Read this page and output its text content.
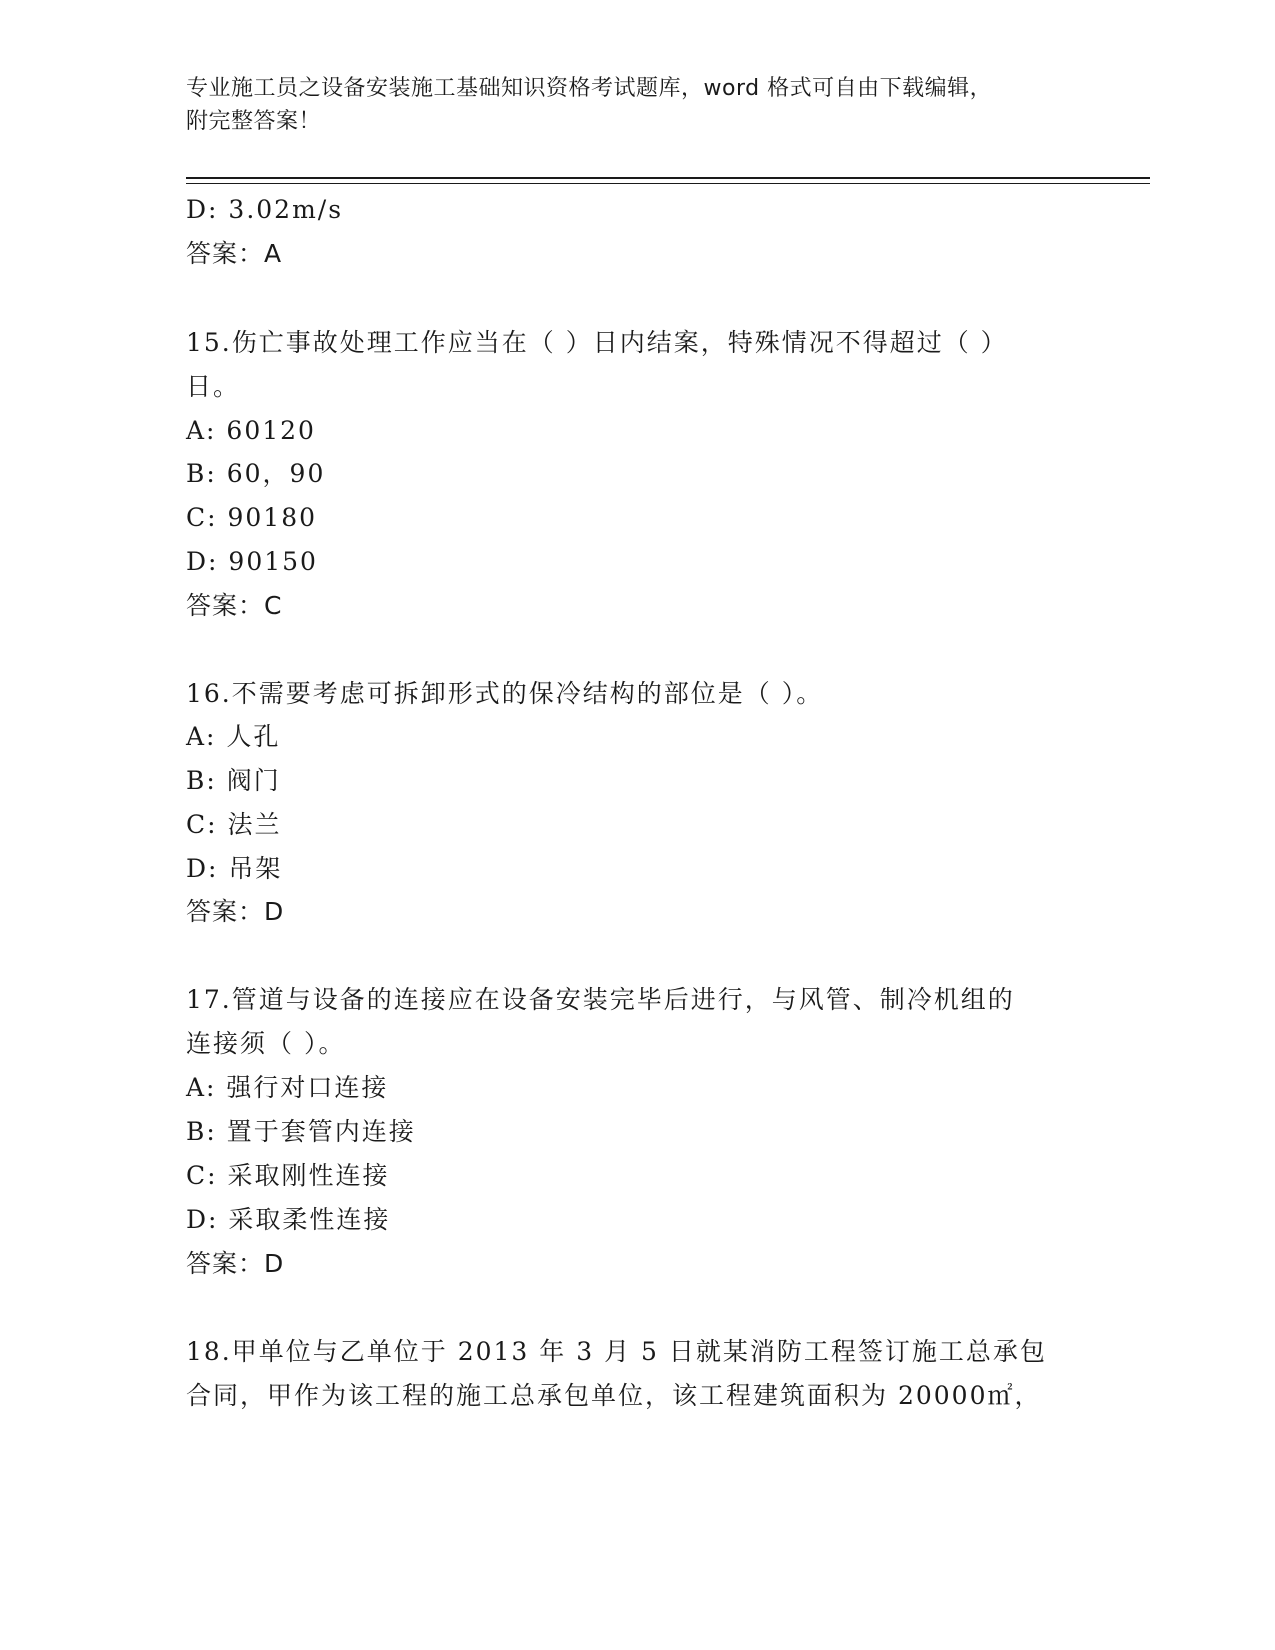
专业施工员之设备安装施工基础知识资格考试题库，word 格式可自由下载编辑，
附完整答案！
D: 3.02m/s
答案：A
15.伤亡事故处理工作应当在（ ）日内结案，特殊情况不得超过（ ）
日。
A: 60120
B: 60，90
C: 90180
D: 90150
答案：C
16.不需要考虑可拆卸形式的保冷结构的部位是（ ）。
A: 人孔
B: 阀门
C: 法兰
D: 吊架
答案：D
17.管道与设备的连接应在设备安装完毕后进行，与风管、制冷机组的
连接须（ ）。
A: 强行对口连接
B: 置于套管内连接
C: 采取刚性连接
D: 采取柔性连接
答案：D
18.甲单位与乙单位于 2013 年 3 月 5 日就某消防工程签订施工总承包
合同，甲作为该工程的施工总承包单位，该工程建筑面积为 20000㎡，
